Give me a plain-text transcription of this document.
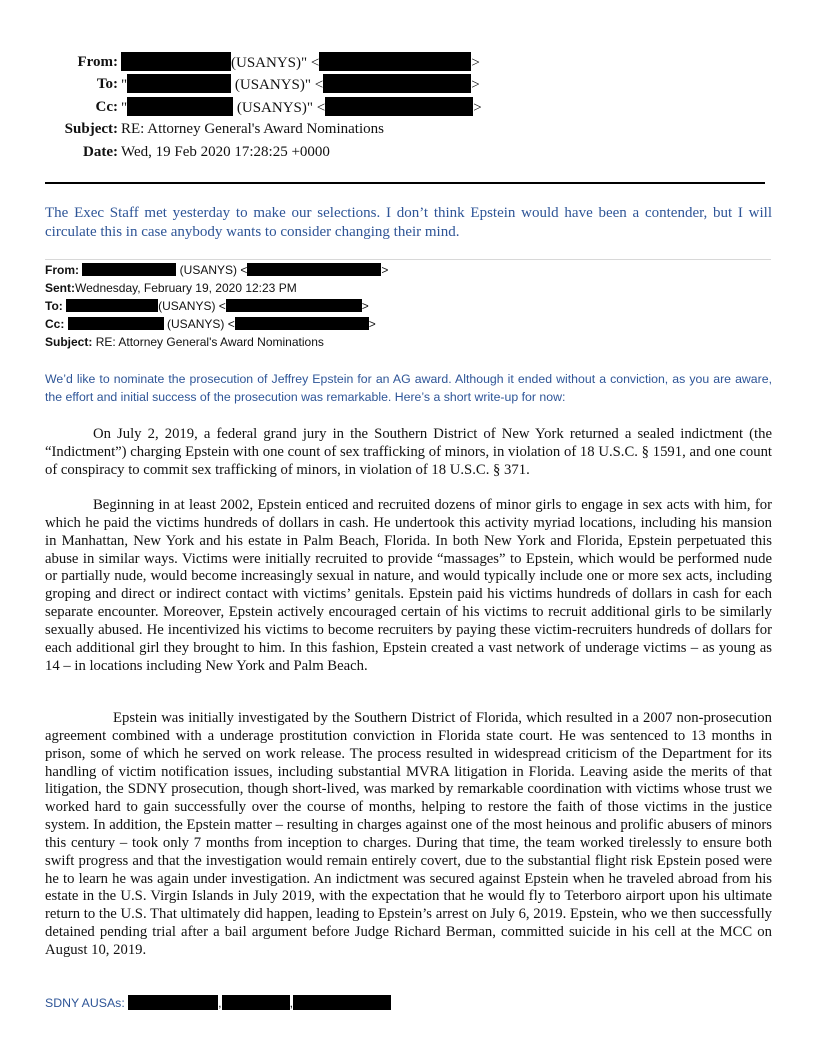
From:	(USANYS)" <	>
To: "	(USANYS)" <	>
Cc: "	(USANYS)" <	>
Subject: RE: Attorney General's Award Nominations
Date: Wed, 19 Feb 2020 17:28:25 +0000
The Exec Staff met yesterday to make our selections. I don’t think Epstein would have been a contender, but I will circulate this in case anybody wants to consider changing their mind.
From:	(USANYS) <	>
Sent:Wednesday, February 19, 2020 12:23 PM
To:	(USANYS) <	>
Cc:	(USANYS) <	>
Subject: RE: Attorney General's Award Nominations
We’d like to nominate the prosecution of Jeffrey Epstein for an AG award. Although it ended without a conviction, as you are aware, the effort and initial success of the prosecution was remarkable. Here’s a short write-up for now:
On July 2, 2019, a federal grand jury in the Southern District of New York returned a sealed indictment (the “Indictment”) charging Epstein with one count of sex trafficking of minors, in violation of 18 U.S.C. § 1591, and one count of conspiracy to commit sex trafficking of minors, in violation of 18 U.S.C. § 371.
Beginning in at least 2002, Epstein enticed and recruited dozens of minor girls to engage in sex acts with him, for which he paid the victims hundreds of dollars in cash. He undertook this activity myriad locations, including his mansion in Manhattan, New York and his estate in Palm Beach, Florida. In both New York and Florida, Epstein perpetuated this abuse in similar ways. Victims were initially recruited to provide “massages” to Epstein, which would be performed nude or partially nude, would become increasingly sexual in nature, and would typically include one or more sex acts, including groping and direct or indirect contact with victims’ genitals. Epstein paid his victims hundreds of dollars in cash for each separate encounter. Moreover, Epstein actively encouraged certain of his victims to recruit additional girls to be similarly sexually abused. He incentivized his victims to become recruiters by paying these victim-recruiters hundreds of dollars for each additional girl they brought to him. In this fashion, Epstein created a vast network of underage victims – as young as 14 – in locations including New York and Palm Beach.
Epstein was initially investigated by the Southern District of Florida, which resulted in a 2007 non-prosecution agreement combined with a underage prostitution conviction in Florida state court. He was sentenced to 13 months in prison, some of which he served on work release. The process resulted in widespread criticism of the Department for its handling of victim notification issues, including substantial MVRA litigation in Florida. Leaving aside the merits of that litigation, the SDNY prosecution, though short-lived, was marked by remarkable coordination with victims whose trust we worked hard to gain successfully over the course of months, helping to restore the faith of those victims in the justice system. In addition, the Epstein matter – resulting in charges against one of the most heinous and prolific abusers of minors this century – took only 7 months from inception to charges. During that time, the team worked tirelessly to ensure both swift progress and that the investigation would remain entirely covert, due to the substantial flight risk Epstein posed were he to learn he was again under investigation. An indictment was secured against Epstein when he traveled abroad from his estate in the U.S. Virgin Islands in July 2019, with the expectation that he would fly to Teterboro airport upon his ultimate return to the U.S. That ultimately did happen, leading to Epstein’s arrest on July 6, 2019. Epstein, who we then successfully detained pending trial after a bail argument before Judge Richard Berman, committed suicide in his cell at the MCC on August 10, 2019.
SDNY AUSAs:	,	,
